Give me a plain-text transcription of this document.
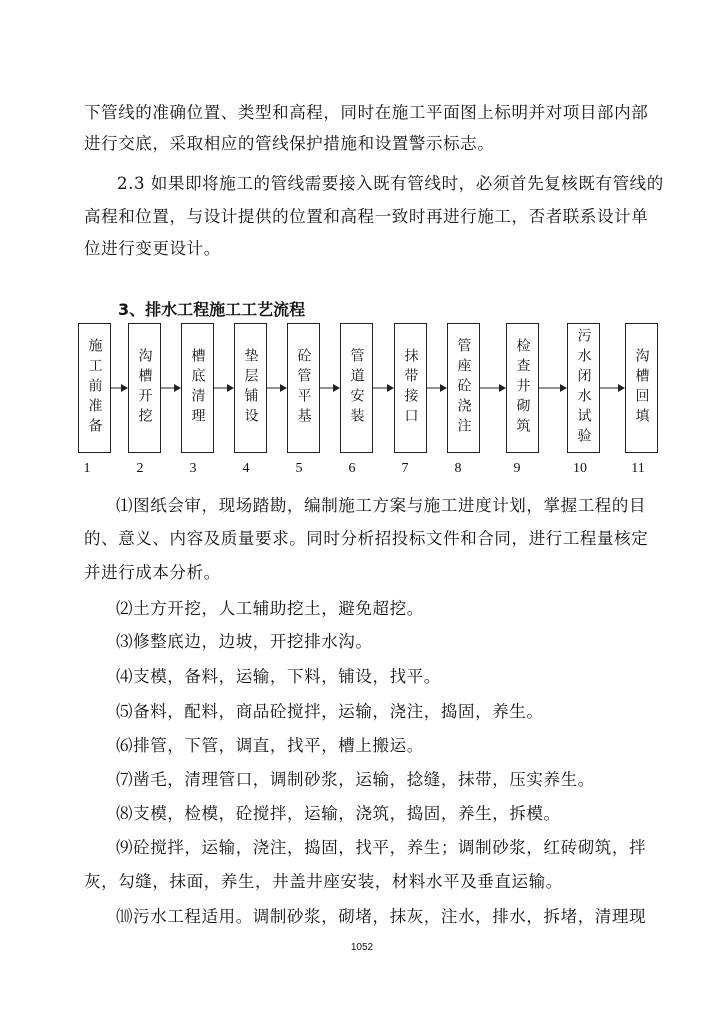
下管线的准确位置、类型和高程，同时在施工平面图上标明并对项目部内部
进行交底，采取相应的管线保护措施和设置警示标志。
2.3 如果即将施工的管线需要接入既有管线时，必须首先复核既有管线的
高程和位置，与设计提供的位置和高程一致时再进行施工，否者联系设计单
位进行变更设计。
3、排水工程施工工艺流程
施工前准备 沟槽开挖	槽底清理	垫层铺设	砼管平基	管道安装	抹带接口	管座砼浇注	检查井砌筑	污水闭水试验	沟槽回填
1	2	3	4	5	6	7	8	9	10	11
⑴图纸会审，现场踏勘，编制施工方案与施工进度计划，掌握工程的目
的、意义、内容及质量要求。同时分析招投标文件和合同，进行工程量核定
并进行成本分析。
⑵土方开挖，人工辅助挖土，避免超挖。
⑶修整底边，边坡，开挖排水沟。
⑷支模，备料，运输，下料，铺设，找平。
⑸备料，配料，商品砼搅拌，运输，浇注，捣固，养生。
⑹排管，下管，调直，找平，槽上搬运。
⑺凿毛，清理管口，调制砂浆，运输，捻缝，抹带，压实养生。
⑻支模，检模，砼搅拌，运输，浇筑，捣固，养生，拆模。
⑼砼搅拌，运输，浇注，捣固，找平，养生；调制砂浆，红砖砌筑，拌
灰，勾缝，抹面，养生，井盖井座安装，材料水平及垂直运输。
⑽污水工程适用。调制砂浆，砌堵，抹灰，注水，排水，拆堵，清理现
1052
